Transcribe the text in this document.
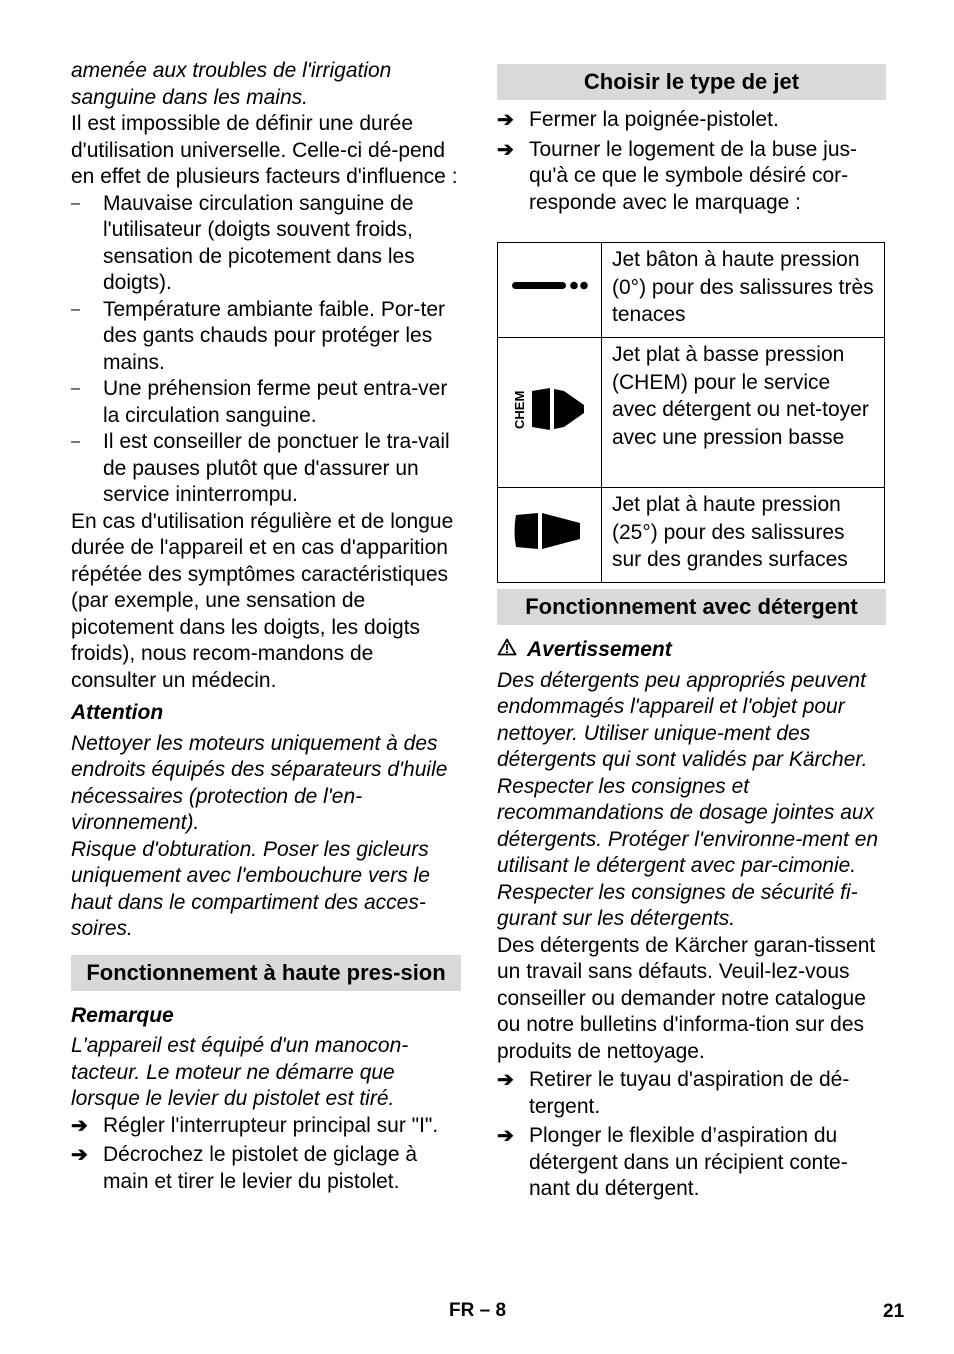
amenée aux troubles de l'irrigation sanguine dans les mains.

Il est impossible de définir une durée d'utilisation universelle. Celle-ci dé-pend en effet de plusieurs facteurs d'influence :

– Mauvaise circulation sanguine de l'utilisateur (doigts souvent froids, sensation de picotement dans les doigts).

– Température ambiante faible. Por-ter des gants chauds pour protéger les mains.

– Une préhension ferme peut entra-ver la circulation sanguine.

– Il est conseiller de ponctuer le tra-vail de pauses plutôt que d'assurer un service ininterrompu.

En cas d'utilisation régulière et de longue durée de l'appareil et en cas d'apparition répétée des symptômes caractéristiques (par exemple, une sensation de picotement dans les doigts, les doigts froids), nous recom-mandons de consulter un médecin.

Attention

Nettoyer les moteurs uniquement à des endroits équipés des séparateurs d'huile nécessaires (protection de l'en-vironnement).

Risque d'obturation. Poser les gicleurs uniquement avec l'embouchure vers le haut dans le compartiment des acces-soires.

Fonctionnement à haute pres-sion

Remarque

L'appareil est équipé d'un manocon-tacteur. Le moteur ne démarre que lorsque le levier du pistolet est tiré.

➔ Régler l'interrupteur principal sur "I".

➔ Décrochez le pistolet de giclage à main et tirer le levier du pistolet.

Choisir le type de jet

➔ Fermer la poignée-pistolet.

➔ Tourner le logement de la buse jus-qu'à ce que le symbole désiré cor-responde avec le marquage :

	Jet bâton à haute pression (0°) pour des salissures très tenaces

CHEM	Jet plat à basse pression (CHEM) pour le service avec détergent ou net-toyer avec une pression basse
	Jet plat à haute pression (25°) pour des salissures sur des grandes surfaces
Fonctionnement avec détergent
Avertissement

Des détergents peu appropriés peuvent endommagés l'appareil et l'objet pour nettoyer. Utiliser unique-ment des détergents qui sont validés par Kärcher. Respecter les consignes et recommandations de dosage jointes aux détergents. Protéger l'environne-ment en utilisant le détergent avec par-cimonie.

Respecter les consignes de sécurité fi-gurant sur les détergents.

Des détergents de Kärcher garan-tissent un travail sans défauts. Veuil-lez-vous conseiller ou demander notre catalogue ou notre bulletins d'informa-tion sur des produits de nettoyage.

➔ Retirer le tuyau d'aspiration de dé-tergent.

➔ Plonger le flexible d’aspiration du détergent dans un récipient conte-nant du détergent.

FR – 8	21
